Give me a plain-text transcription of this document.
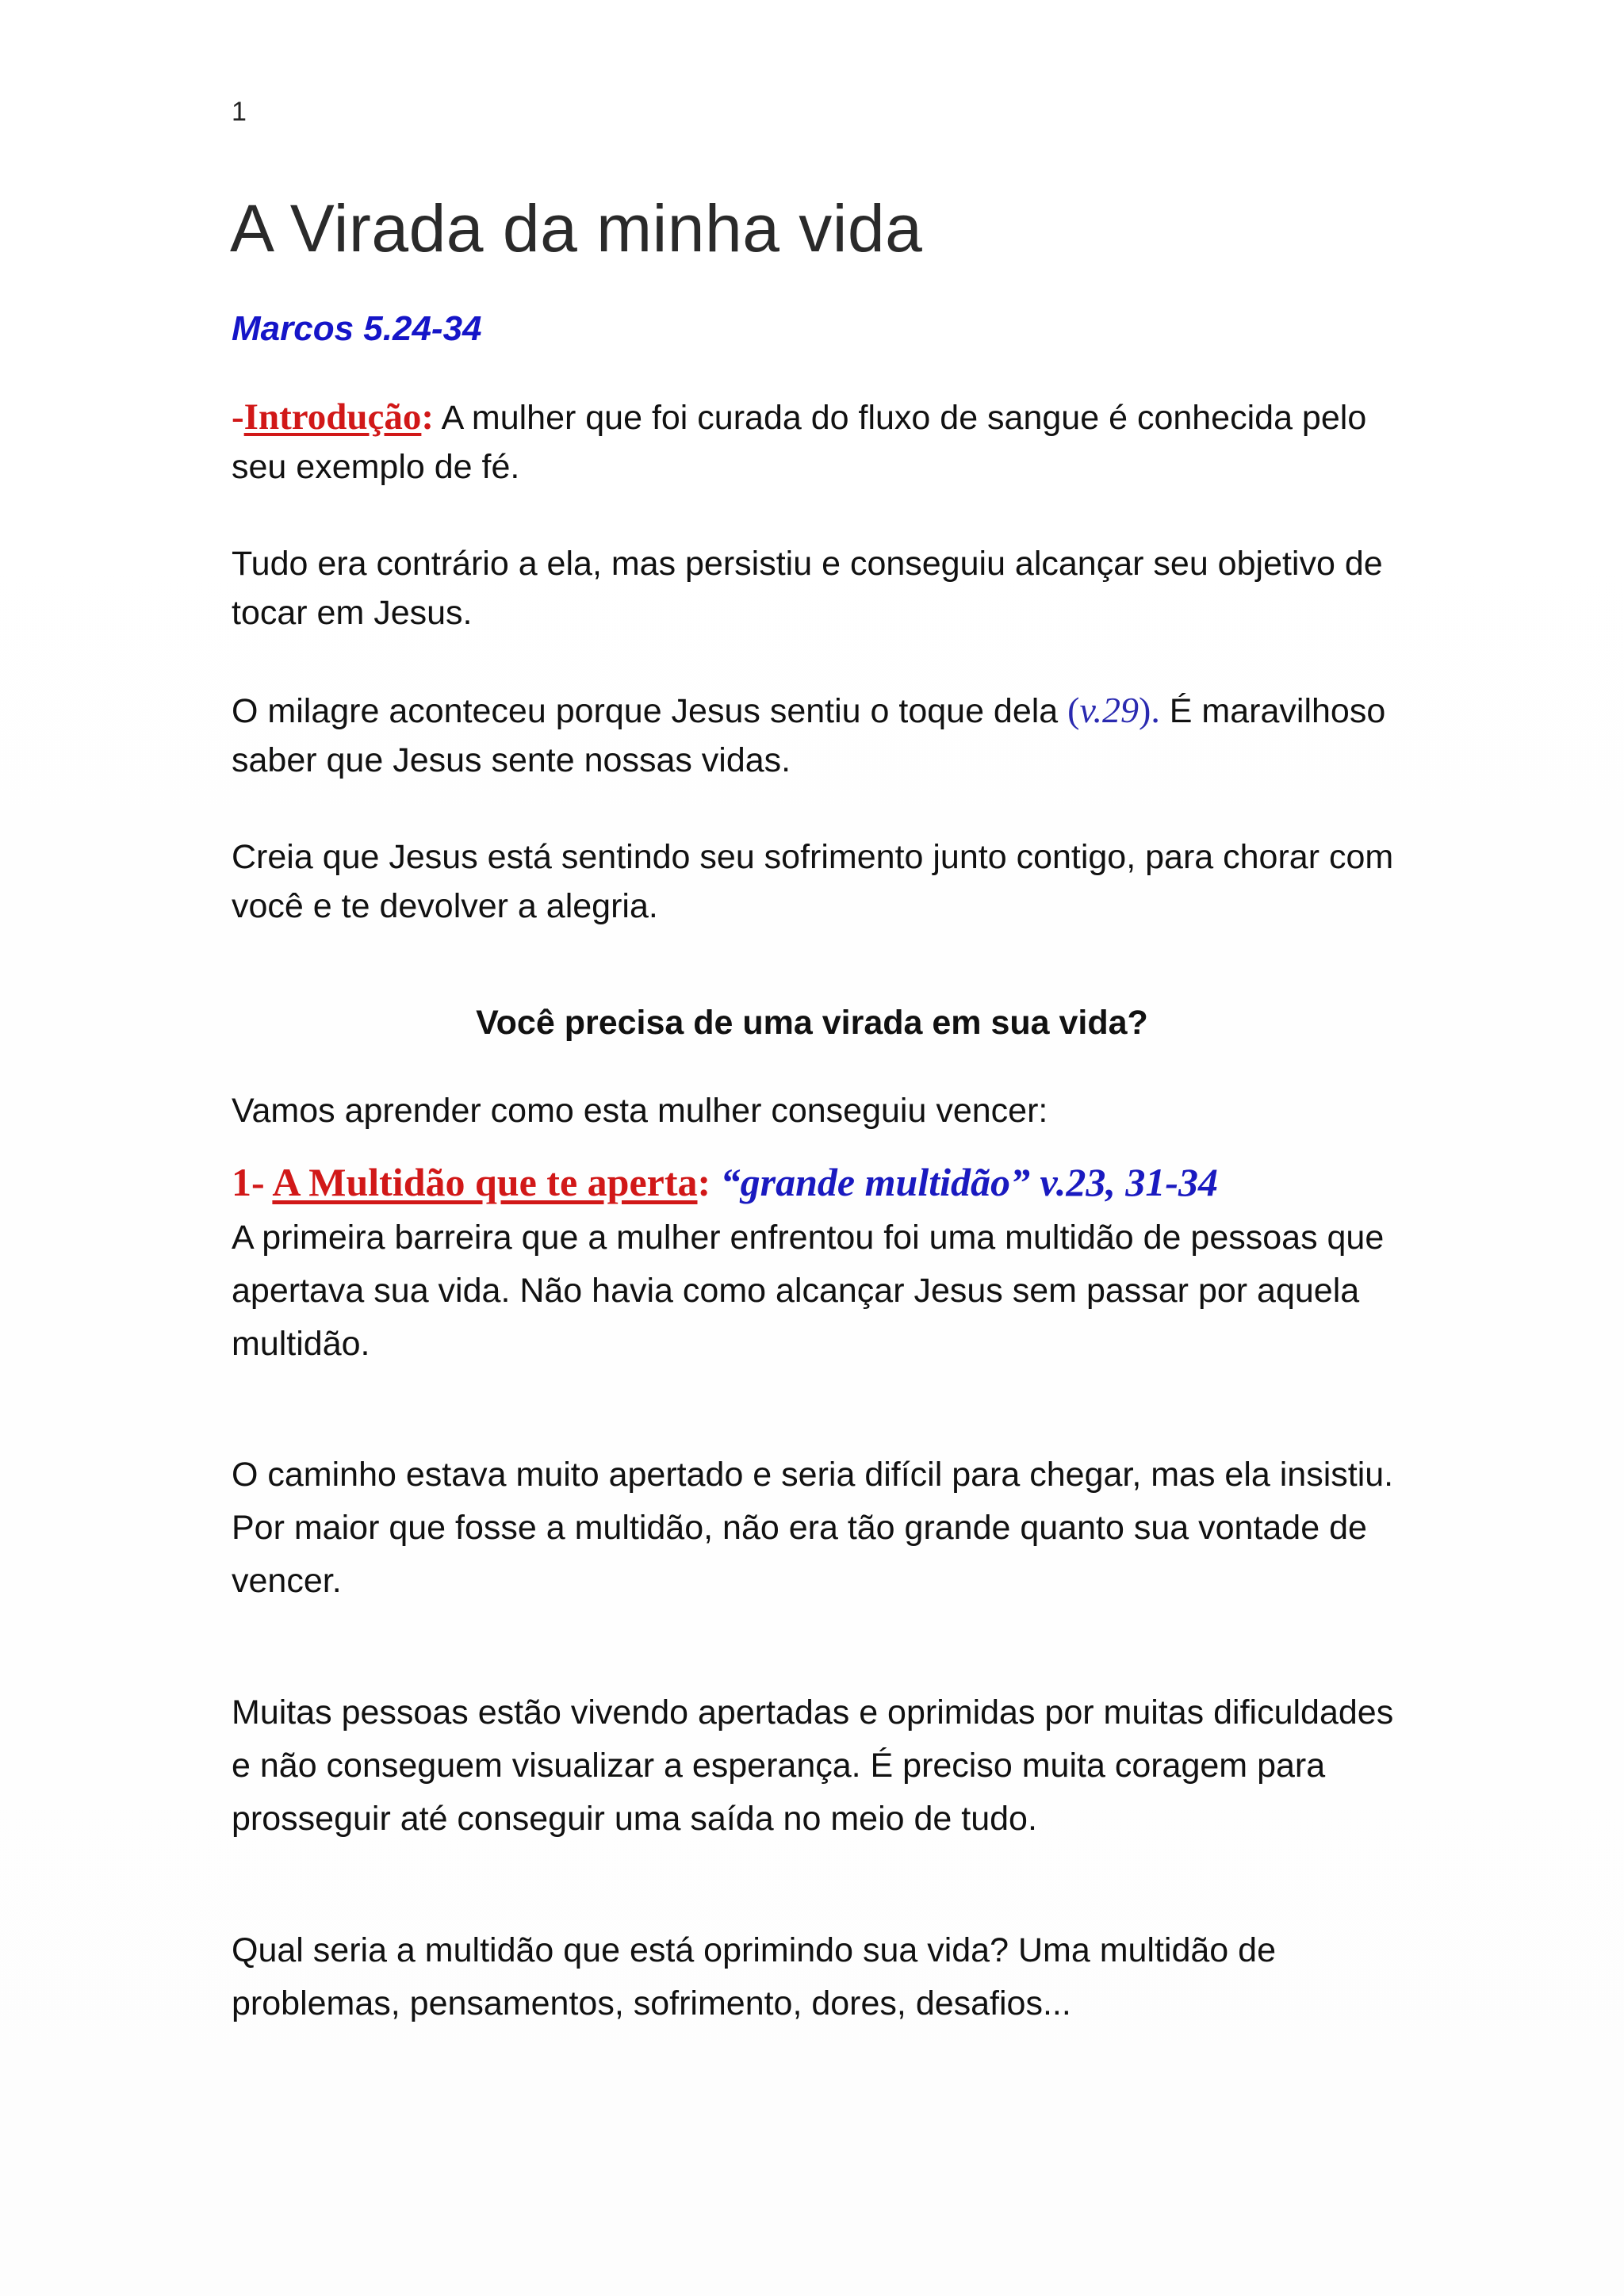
1
A Virada da minha vida
Marcos 5.24-34

-Introdução: A mulher que foi curada do fluxo de sangue é conhecida pelo seu exemplo de fé.

Tudo era contrário a ela, mas persistiu e conseguiu alcançar seu objetivo de tocar em Jesus.

O milagre aconteceu porque Jesus sentiu o toque dela (v.29). É maravilhoso saber que Jesus sente nossas vidas.

Creia que Jesus está sentindo seu sofrimento junto contigo, para chorar com você e te devolver a alegria.

Você precisa de uma virada em sua vida?

Vamos aprender como esta mulher conseguiu vencer:

1- A Multidão que te aperta: “grande multidão” v.23, 31-34

A primeira barreira que a mulher enfrentou foi uma multidão de pessoas que apertava sua vida. Não havia como alcançar Jesus sem passar por aquela multidão.

O caminho estava muito apertado e seria difícil para chegar, mas ela insistiu. Por maior que fosse a multidão, não era tão grande quanto sua vontade de vencer.

Muitas pessoas estão vivendo apertadas e oprimidas por muitas dificuldades e não conseguem visualizar a esperança. É preciso muita coragem para prosseguir até conseguir uma saída no meio de tudo.

Qual seria a multidão que está oprimindo sua vida? Uma multidão de problemas, pensamentos, sofrimento, dores, desafios...
